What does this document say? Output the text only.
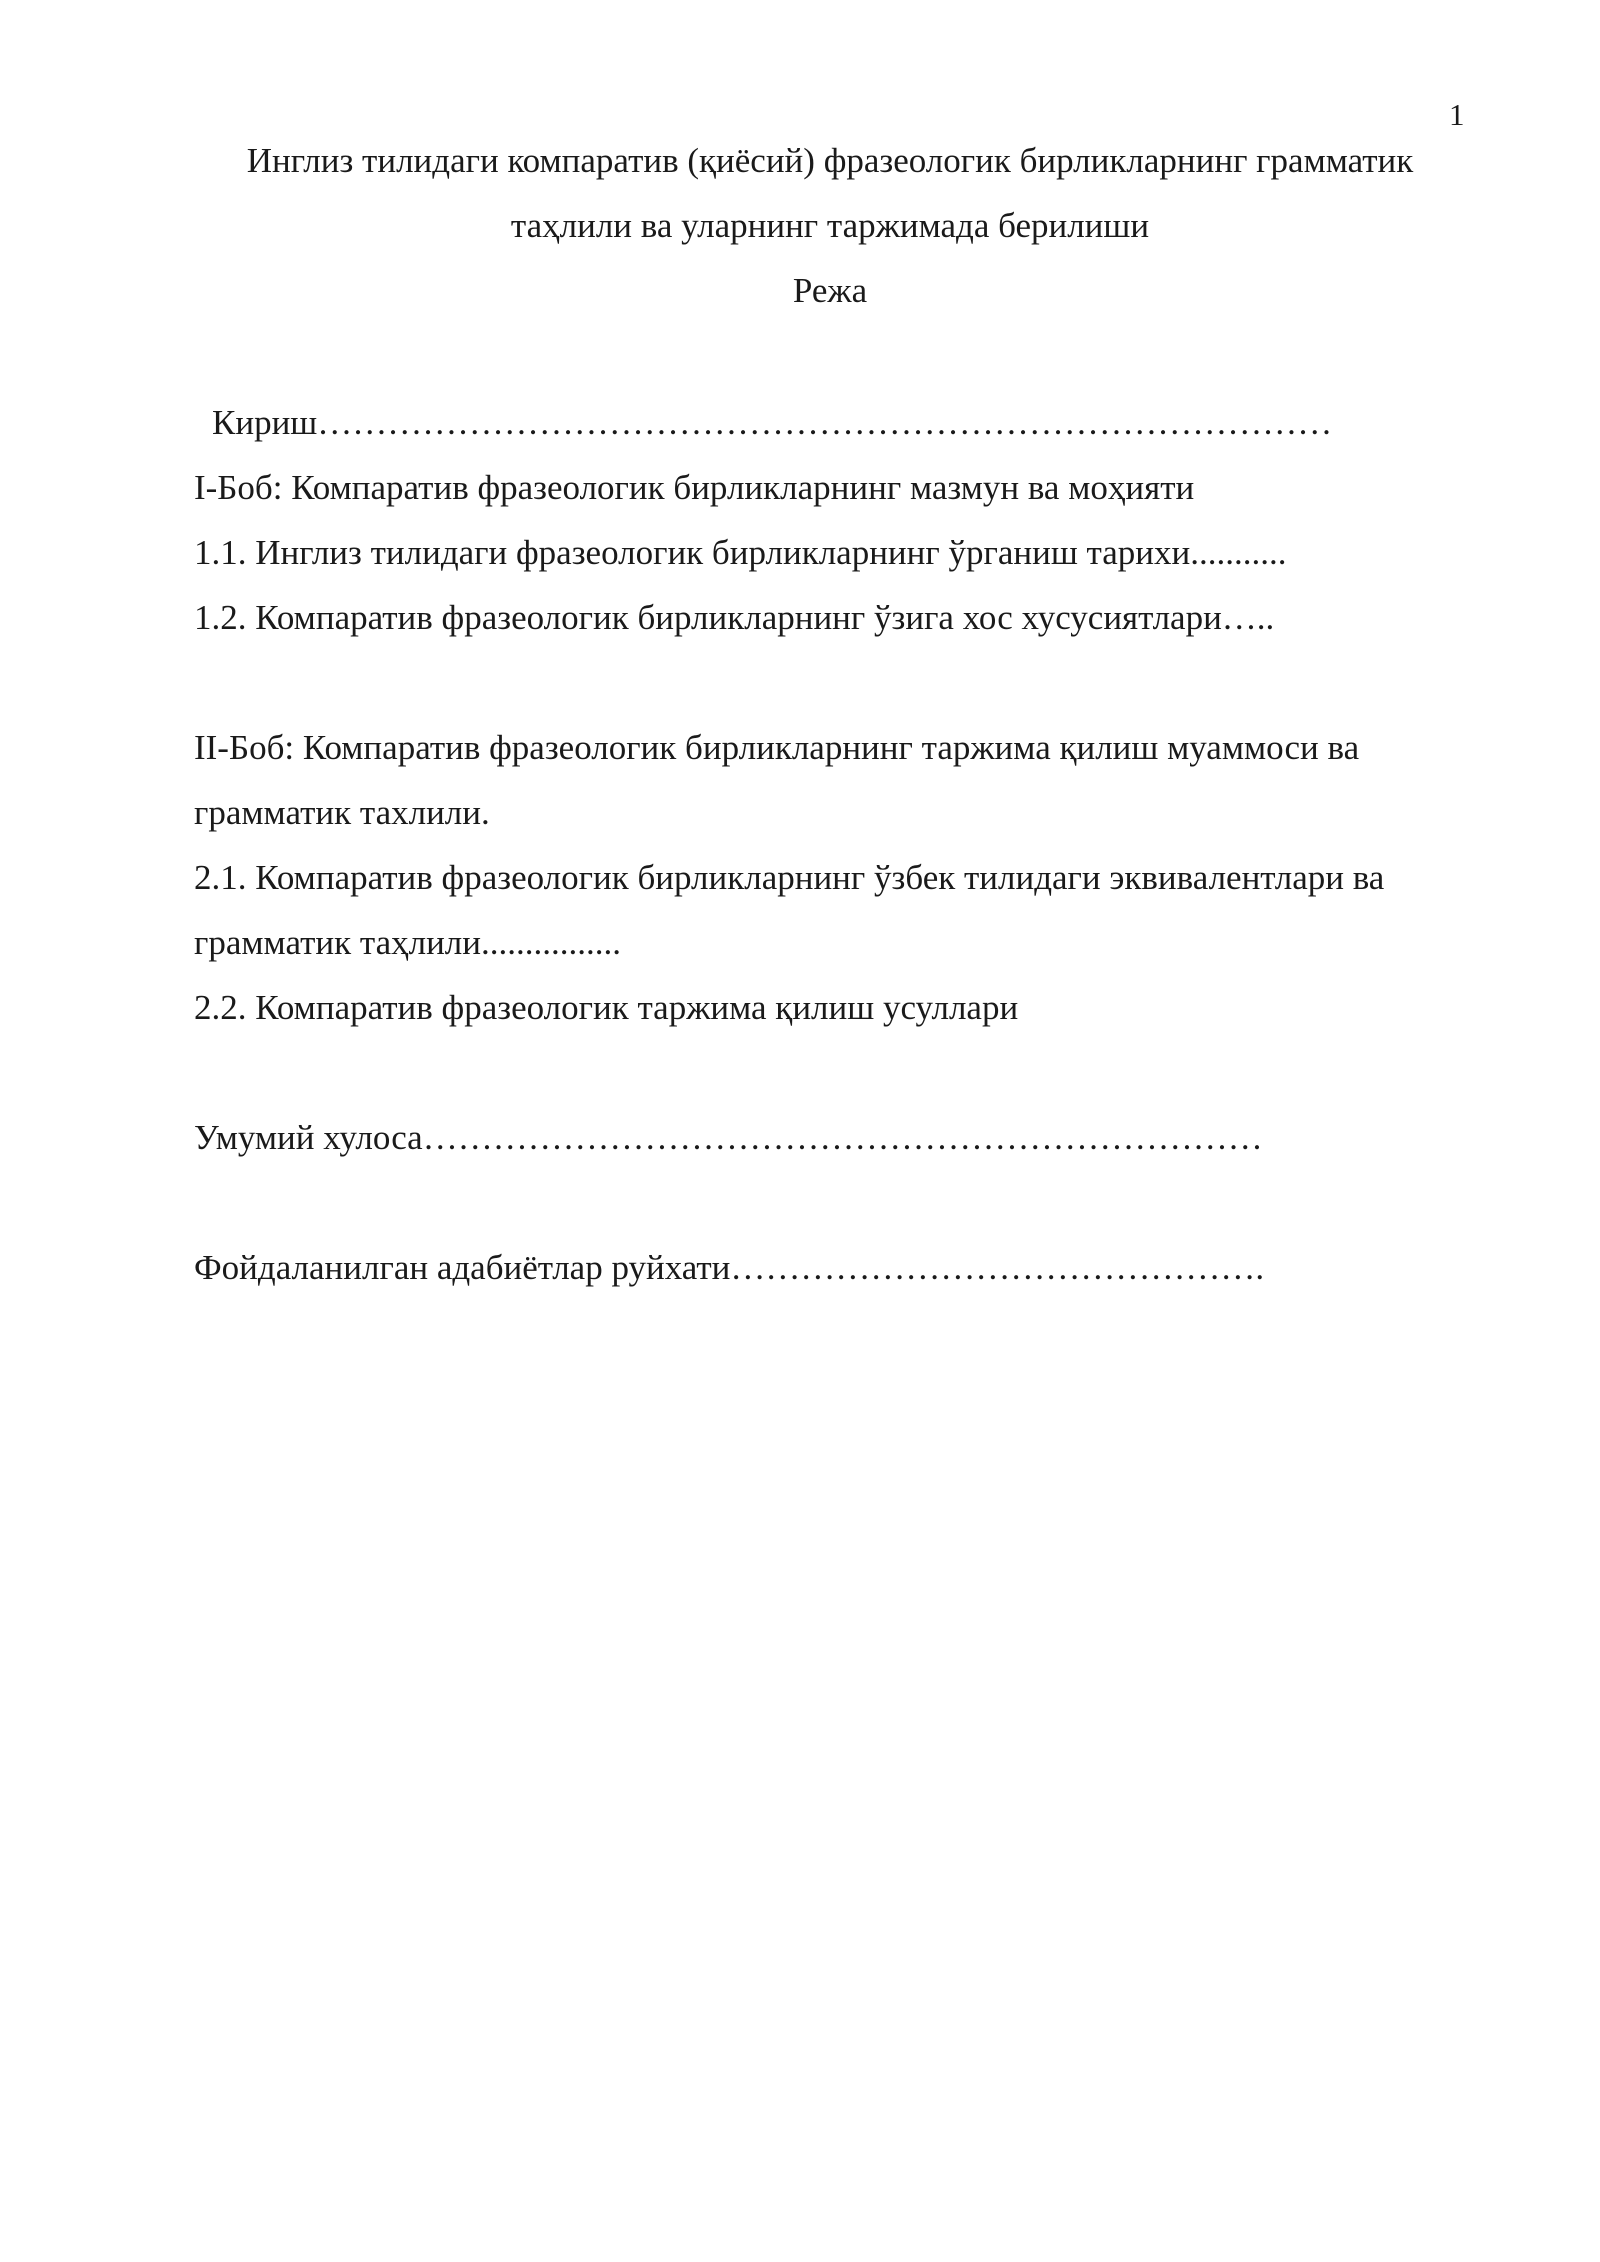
1
Инглиз тилидаги компаратив (қиёсий) фразеологик бирликларнинг грамматик
таҳлили ва уларнинг таржимада берилиши
Режа
Кириш……………………………………………………………………………
I-Боб: Компаратив фразеологик бирликларнинг мазмун ва моҳияти
1.1. Инглиз тилидаги фразеологик бирликларнинг ўрганиш тарихи...........
1.2. Компаратив фразеологик бирликларнинг ўзига хос хусусиятлари…..
II-Боб: Компаратив фразеологик бирликларнинг таржима қилиш муаммоси ва
грамматик тахлили.
2.1. Компаратив фразеологик бирликларнинг ўзбек тилидаги эквивалентлари ва
грамматик таҳлили................
2.2. Компаратив фразеологик таржима қилиш усуллари
Умумий хулоса………………………………………………………………
Фойдаланилган адабиётлар руйхати……………………………………….
